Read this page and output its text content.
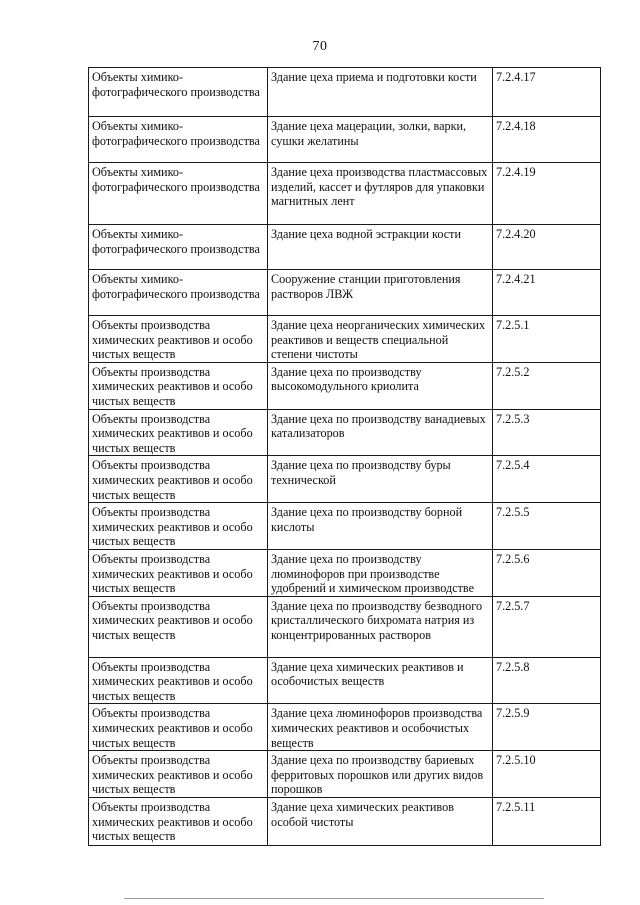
70
Объекты химико-фотографического производства	Здание цеха приема и подготовки кости	7.2.4.17
Объекты химико-фотографического производства	Здание цеха мацерации, золки, варки, сушки желатины	7.2.4.18
Объекты химико-фотографического производства	Здание цеха производства пластмассовых изделий, кассет и футляров для упаковки магнитных лент	7.2.4.19
Объекты химико-фотографического производства	Здание цеха водной эстракции кости	7.2.4.20
Объекты химико-фотографического производства	Сооружение станции приготовления растворов ЛВЖ	7.2.4.21
Объекты производства химических реактивов и особо чистых веществ	Здание цеха неорганических химических реактивов и веществ специальной степени чистоты	7.2.5.1
Объекты производства химических реактивов и особо чистых веществ	Здание цеха по производству высокомодульного криолита	7.2.5.2
Объекты производства химических реактивов и особо чистых веществ	Здание цеха по производству ванадиевых катализаторов	7.2.5.3
Объекты производства химических реактивов и особо чистых веществ	Здание цеха по производству буры технической	7.2.5.4
Объекты производства химических реактивов и особо чистых веществ	Здание цеха по производству борной кислоты	7.2.5.5
Объекты производства химических реактивов и особо чистых веществ	Здание цеха по производству люминофоров при производстве удобрений и химическом производстве	7.2.5.6
Объекты производства химических реактивов и особо чистых веществ	Здание цеха по производству безводного кристаллического бихромата натрия из концентрированных растворов	7.2.5.7
Объекты производства химических реактивов и особо чистых веществ	Здание цеха химических реактивов и особочистых веществ	7.2.5.8
Объекты производства химических реактивов и особо чистых веществ	Здание цеха люминофоров производства химических реактивов и особочистых веществ	7.2.5.9
Объекты производства химических реактивов и особо чистых веществ	Здание цеха по производству бариевых ферритовых порошков или других видов порошков	7.2.5.10
Объекты производства химических реактивов и особо чистых веществ	Здание цеха химических реактивов особой чистоты	7.2.5.11
